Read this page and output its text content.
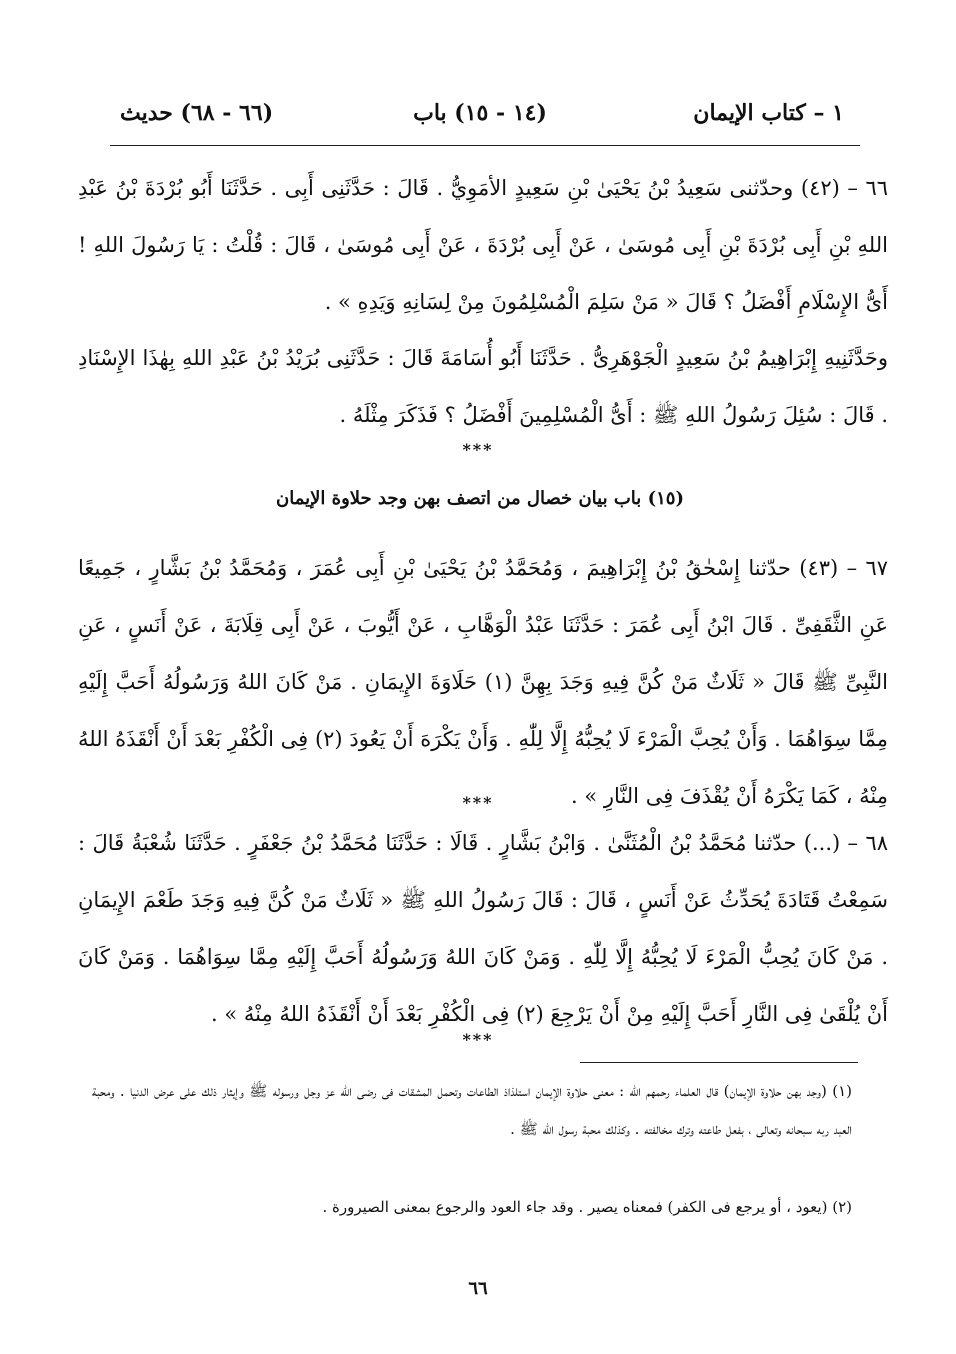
١ – كتاب الإيمان
(١٤ - ١٥) باب
(٦٦ - ٦٨) حديث
٦٦ – (٤٢) وحدّثنى سَعِيدُ بْنُ يَحْيَىٰ بْنِ سَعِيدٍ الأمَوِيُّ . قَالَ : حَدَّثَنِى أَبِى . حَدَّثَنَا أَبُو بُرْدَةَ بْنُ عَبْدِ اللهِ بْنِ أَبِى بُرْدَةَ بْنِ أَبِى مُوسَىٰ ، عَنْ أَبِى بُرْدَةَ ، عَنْ أَبِى مُوسَىٰ ، قَالَ : قُلْتُ : يَا رَسُولَ اللهِ ! أَىُّ الإِسْلَامِ أَفْضَلُ ؟ قَالَ « مَنْ سَلِمَ الْمُسْلِمُونَ مِنْ لِسَانِهِ وَيَدِهِ » .
وحَدَّثَنِيهِ إِبْرَاهِيمُ بْنُ سَعِيدٍ الْجَوْهَرِىُّ . حَدَّثَنَا أَبُو أُسَامَةَ قَالَ : حَدَّثَنِى بُرَيْدُ بْنُ عَبْدِ اللهِ بِهٰذَا الإِسْنَادِ . قَالَ : سُئِلَ رَسُولُ اللهِ ﷺ : أَىُّ الْمُسْلِمِينَ أَفْضَلُ ؟ فَذَكَرَ مِثْلَهُ .
***
(١٥) باب بيان خصال من اتصف بهن وجد حلاوة الإيمان
٦٧ – (٤٣) حدّثنا إِسْحٰقُ بْنُ إِبْرَاهِيمَ ، وَمُحَمَّدُ بْنُ يَحْيَىٰ بْنِ أَبِى عُمَرَ ، وَمُحَمَّدُ بْنُ بَشَّارٍ ، جَمِيعًا عَنِ الثَّقَفِىِّ . قَالَ ابْنُ أَبِى عُمَرَ : حَدَّثَنَا عَبْدُ الْوَهَّابِ ، عَنْ أَيُّوبَ ، عَنْ أَبِى قِلَابَةَ ، عَنْ أَنَسٍ ، عَنِ النَّبِىِّ ﷺ قَالَ « ثَلَاثٌ مَنْ كُنَّ فِيهِ وَجَدَ بِهِنَّ (١) حَلَاوَةَ الإِيمَانِ . مَنْ كَانَ اللهُ وَرَسُولُهُ أَحَبَّ إِلَيْهِ مِمَّا سِوَاهُمَا . وَأَنْ يُحِبَّ الْمَرْءَ لَا يُحِبُّهُ إِلَّا لِلّٰهِ . وَأَنْ يَكْرَهَ أَنْ يَعُودَ (٢) فِى الْكُفْرِ بَعْدَ أَنْ أَنْقَذَهُ اللهُ مِنْهُ ، كَمَا يَكْرَهُ أَنْ يُقْذَفَ فِى النَّارِ » .
***
٦٨ – (...) حدّثنا مُحَمَّدُ بْنُ الْمُثَنَّىٰ . وَابْنُ بَشَّارٍ . قَالَا : حَدَّثَنَا مُحَمَّدُ بْنُ جَعْفَرٍ . حَدَّثَنَا شُعْبَةُ قَالَ : سَمِعْتُ قَتَادَةَ يُحَدِّثُ عَنْ أَنَسٍ ، قَالَ : قَالَ رَسُولُ اللهِ ﷺ « ثَلَاثٌ مَنْ كُنَّ فِيهِ وَجَدَ طَعْمَ الإِيمَانِ . مَنْ كَانَ يُحِبُّ الْمَرْءَ لَا يُحِبُّهُ إِلَّا لِلّٰهِ . وَمَنْ كَانَ اللهُ وَرَسُولُهُ أَحَبَّ إِلَيْهِ مِمَّا سِوَاهُمَا . وَمَنْ كَانَ أَنْ يُلْقَىٰ فِى النَّارِ أَحَبَّ إِلَيْهِ مِنْ أَنْ يَرْجِعَ (٢) فِى الْكُفْرِ بَعْدَ أَنْ أَنْقَذَهُ اللهُ مِنْهُ » .
***
(١) (وجد بهن حلاوة الإيمان) قال العلماء رحمهم الله : معنى حلاوة الإيمان استلذاذ الطاعات وتحمل المشقات فى رضى الله عز وجل ورسوله ﷺ وإيثار ذلك على عرض الدنيا . ومحبة العبد ربه سبحانه وتعالى ، بفعل طاعته وترك مخالفته . وكذلك محبة رسول الله ﷺ .
(٢) (يعود ، أو يرجع فى الكفر) فمعناه يصير . وقد جاء العود والرجوع بمعنى الصيرورة .
٦٦
